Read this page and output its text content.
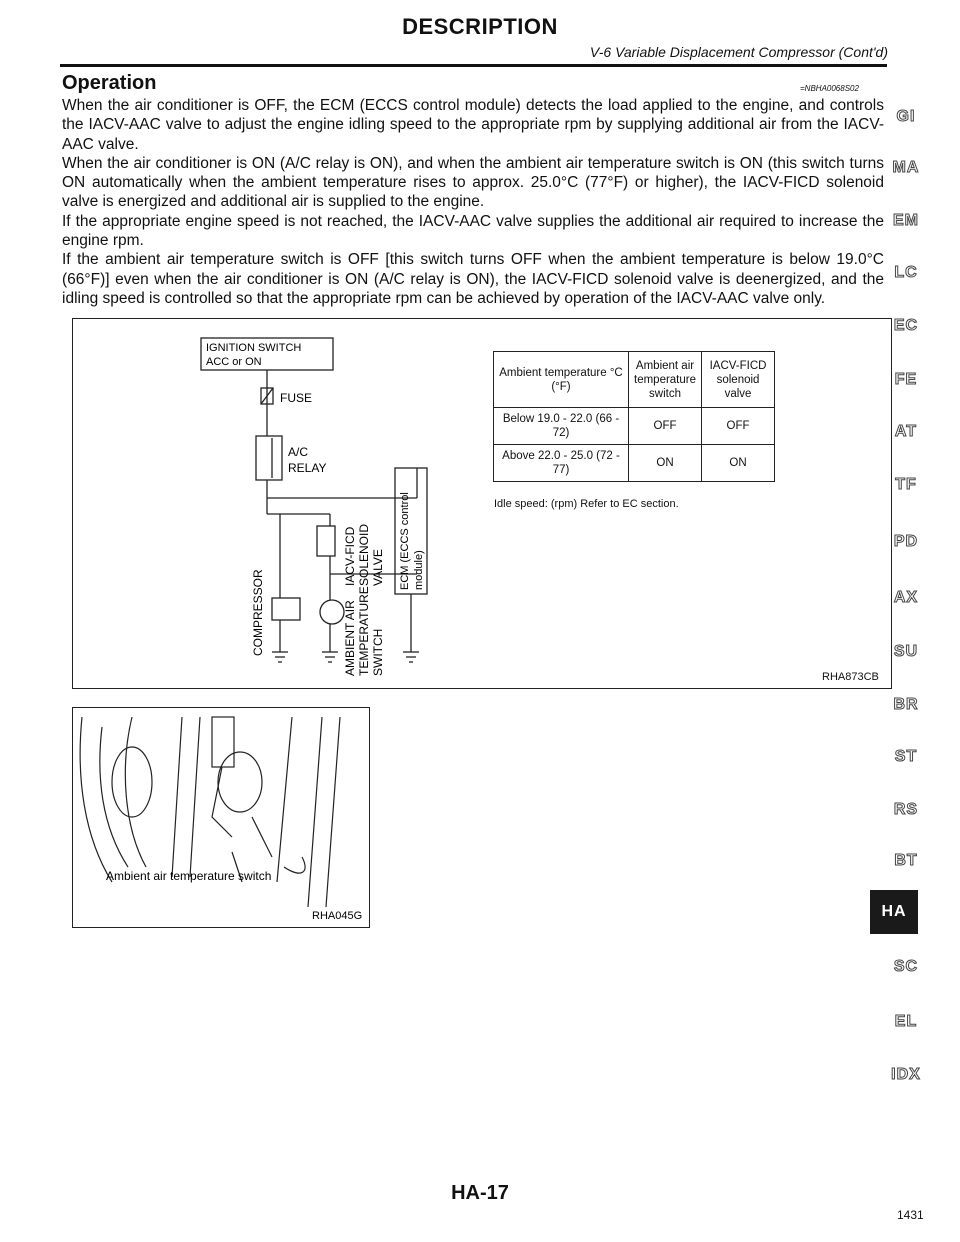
DESCRIPTION
V-6 Variable Displacement Compressor (Cont'd)
Operation	=NBHA0068S02

When the air conditioner is OFF, the ECM (ECCS control module) detects the load applied to the engine, and controls the IACV-AAC valve to adjust the engine idling speed to the appropriate rpm by supplying additional air from the IACV-AAC valve.

When the air conditioner is ON (A/C relay is ON), and when the ambient air temperature switch is ON (this switch turns ON automatically when the ambient temperature rises to approx. 25.0°C (77°F) or higher), the IACV-FICD solenoid valve is energized and additional air is supplied to the engine.

If the appropriate engine speed is not reached, the IACV-AAC valve supplies the additional air required to increase the engine rpm.

If the ambient air temperature switch is OFF [this switch turns OFF when the ambient temperature is below 19.0°C (66°F)] even when the air conditioner is ON (A/C relay is ON), the IACV-FICD solenoid valve is deenergized, and the idling speed is controlled so that the appropriate rpm can be achieved by operation of the IACV-AAC valve only.

IGNITION SWITCH
ACC or ON
FUSE
A/C
RELAY
COMPRESSOR
IACV-FICD SOLENOID VALVE
AMBIENT AIR TEMPERATURE SWITCH
ECM (ECCS control module)
Ambient temperature °C (°F)	Ambient air temperature switch	IACV-FICD solenoid valve
Below 19.0 - 22.0 (66 - 72)	OFF	OFF
Above 22.0 - 25.0 (72 - 77)	ON	ON
Idle speed: (rpm) Refer to EC section.
RHA873CB
Ambient air temperature switch
RHA045G
GI
MA
EM
LC
EC
FE
AT
TF
PD
AX
SU
BR
ST
RS
BT
HA
SC
EL
IDX
HA-17
1431
